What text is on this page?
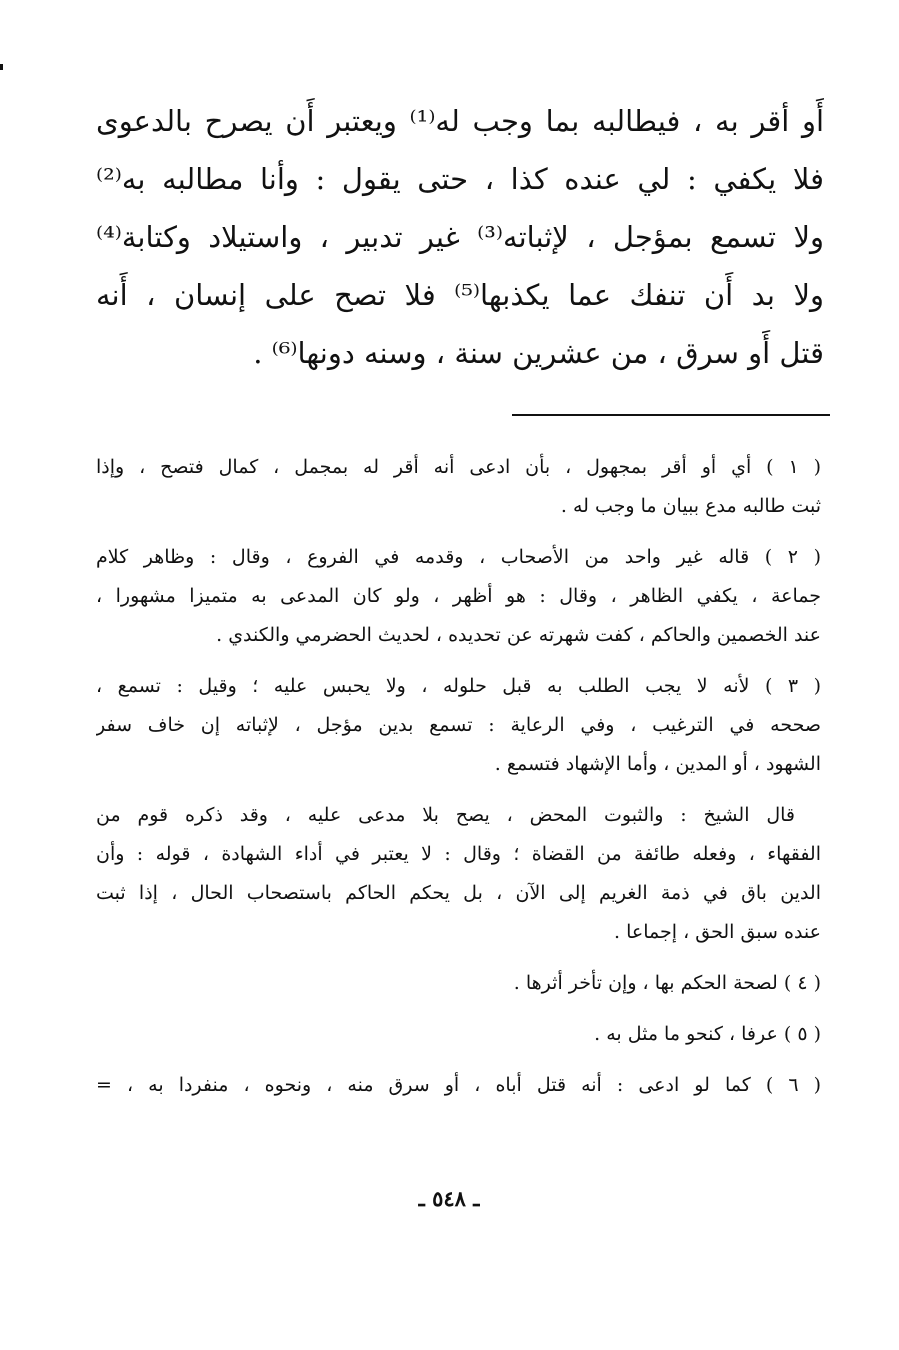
أَو أقر به ، فيطالبه بما وجب له⁽¹⁾ ويعتبر أَن يصرح بالدعوى
فلا يكفي : لي عنده كذا ، حتى يقول : وأنا مطالبه به⁽²⁾
ولا تسمع بمؤجل ، لإثباته⁽³⁾ غير تدبير ، واستيلاد وكتابة⁽⁴⁾
ولا بد أَن تنفك عما يكذبها⁽⁵⁾ فلا تصح على إنسان ، أَنه
قتل أَو سرق ، من عشرين سنة ، وسنه دونها⁽⁶⁾ .
( ١ ) أي أو أقر بمجهول ، بأن ادعى أنه أقر له بمجمل ، كمال فتصح ، وإذا
ثبت طالبه مدع ببيان ما وجب له .
( ٢ ) قاله غير واحد من الأصحاب ، وقدمه في الفروع ، وقال : وظاهر كلام
جماعة ، يكفي الظاهر ، وقال : هو أظهر ، ولو كان المدعى به متميزا مشهورا ،
عند الخصمين والحاكم ، كفت شهرته عن تحديده ، لحديث الحضرمي والكندي .
( ٣ ) لأنه لا يجب الطلب به قبل حلوله ، ولا يحبس عليه ؛ وقيل : تسمع ،
صححه في الترغيب ، وفي الرعاية : تسمع بدين مؤجل ، لإثباته إن خاف سفر
الشهود ، أو المدين ، وأما الإشهاد فتسمع .
قال الشيخ : والثبوت المحض ، يصح بلا مدعى عليه ، وقد ذكره قوم من
الفقهاء ، وفعله طائفة من القضاة ؛ وقال : لا يعتبر في أداء الشهادة ، قوله : وأن
الدين باق في ذمة الغريم إلى الآن ، بل يحكم الحاكم باستصحاب الحال ، إذا ثبت
عنده سبق الحق ، إجماعا .
( ٤ ) لصحة الحكم بها ، وإن تأخر أثرها .
( ٥ ) عرفا ، كنحو ما مثل به .
( ٦ ) كما لو ادعى : أنه قتل أباه ، أو سرق منه ، ونحوه ، منفردا به ، =
ـ ٥٤٨ ـ
